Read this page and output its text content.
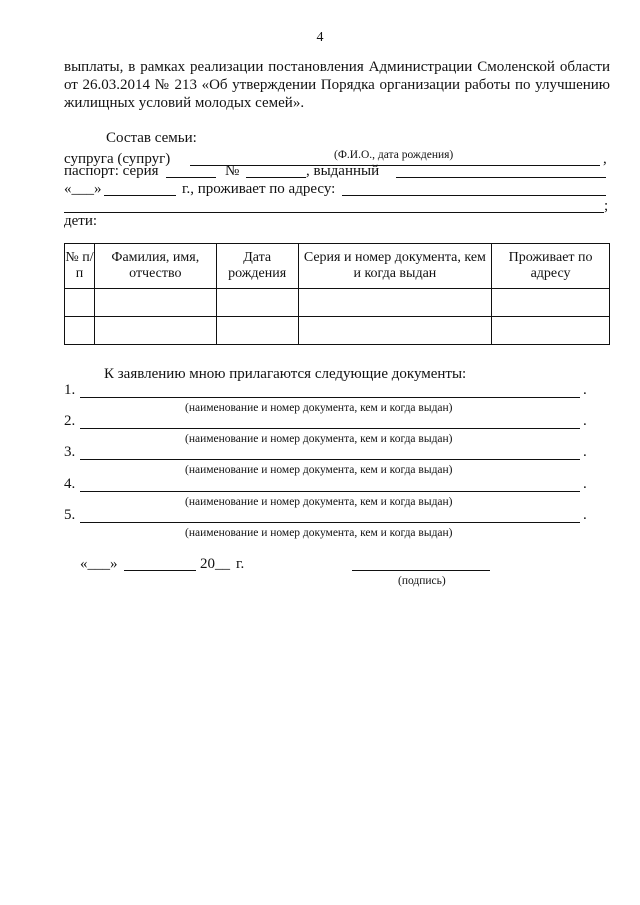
4
выплаты, в рамках реализации постановления Администрации Смоленской области от 26.03.2014 № 213 «Об утверждении Порядка организации работы по улучшению жилищных условий молодых семей».
Состав семьи:
супруга (супруг)	,
(Ф.И.О., дата рождения)
паспорт: серия	№	, выданный
«___»	г., проживает по адресу:
;
дети:
№ п/п	Фамилия, имя, отчество	Дата рождения	Серия и номер документа, кем и когда выдан	Проживает по адресу

К заявлению мною прилагаются следующие документы:
1.	.
(наименование и номер документа, кем и когда выдан)
2.	.
(наименование и номер документа, кем и когда выдан)
3.	.
(наименование и номер документа, кем и когда выдан)
4.	.
(наименование и номер документа, кем и когда выдан)
5.	.
(наименование и номер документа, кем и когда выдан)
«___»	20__ г.
(подпись)
